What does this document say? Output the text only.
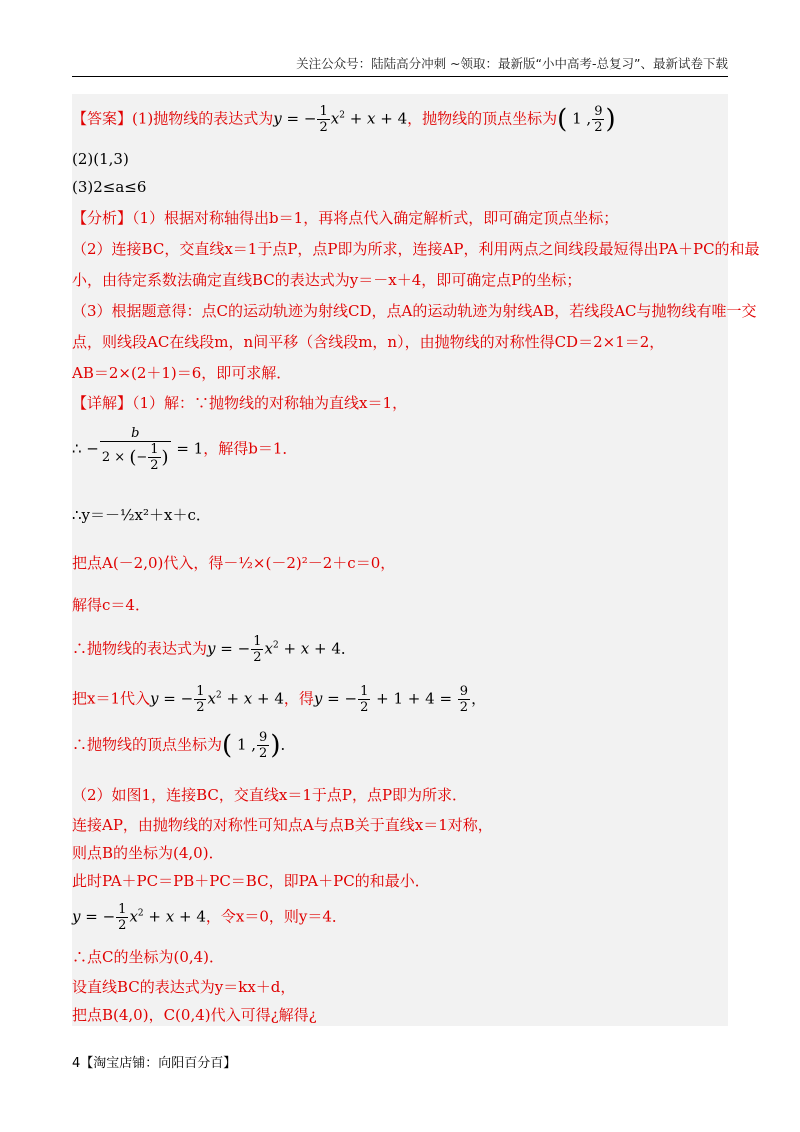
关注公众号：陆陆高分冲刺 ~领取：最新版“小中高考-总复习”、最新试卷下载
【答案】(1)抛物线的表达式为y = − $\frac{1}{2} x^2 + x + 4$，抛物线的顶点坐标为( 1 , $\frac{9}{2}$ )
(2)(1,3)
(3)2≤a≤6
【分析】（1）根据对称轴得出b＝1，再将点代入确定解析式，即可确定顶点坐标；
（2）连接BC，交直线x＝1于点P，点P即为所求，连接AP，利用两点之间线段最短得出PA＋PC的和最
小，由待定系数法确定直线BC的表达式为y＝－x＋4，即可确定点P的坐标；
（3）根据题意得：点C的运动轨迹为射线CD，点A的运动轨迹为射线AB，若线段AC与抛物线有唯一交
点，则线段AC在线段m，n间平移（含线段m，n），由抛物线的对称性得CD＝2×1＝2，
AB＝2×(2＋1)＝6，即可求解．
【详解】（1）解：∵抛物线的对称轴为直线x＝1，
∴ − $\frac{b}{2 \times (- \frac{1}{2} )} = 1$，解得b＝1．
∴y＝－½x²＋x＋c．
把点A(－2,0)代入，得－½×(－2)²－2＋c＝0，
解得c＝4．
∴抛物线的表达式为y = − $\frac{1}{2} x^2 + x + 4$．
把x＝1代入y = − $\frac{1}{2} x^2 + x + 4$，得y = − $\frac{1}{2} + 1 + 4 = \frac{9}{2}$ ，
∴抛物线的顶点坐标为( 1 , $\frac{9}{2}$ )．
（2）如图1，连接BC，交直线x＝1于点P，点P即为所求．
连接AP，由抛物线的对称性可知点A与点B关于直线x＝1对称，
则点B的坐标为(4,0)．
此时PA＋PC＝PB＋PC＝BC，即PA＋PC的和最小．
y = − $\frac{1}{2} x^2 + x + 4$，令x＝0，则y＝4．
∴点C的坐标为(0,4)．
设直线BC的表达式为y＝kx＋d，
把点B(4,0)，C(0,4)代入可得¿解得¿
4【淘宝店铺：向阳百分百】
